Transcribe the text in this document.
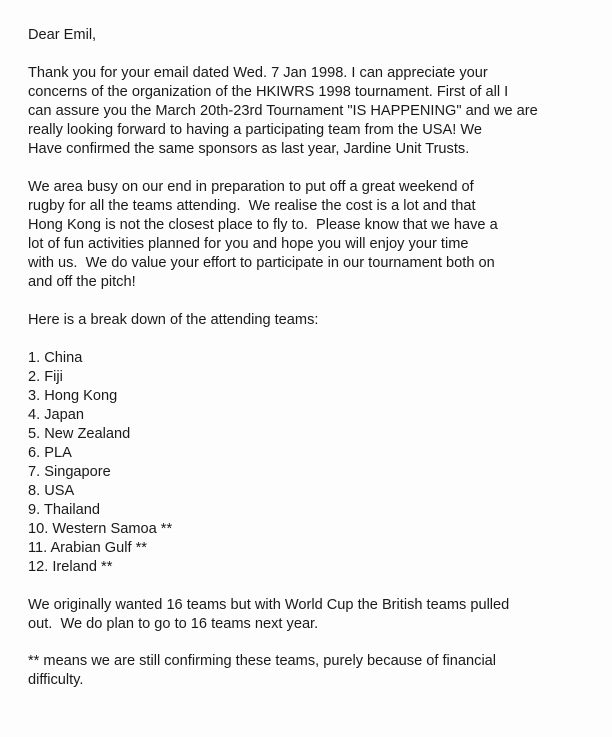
Dear Emil,
Thank you for your email dated Wed. 7 Jan 1998. I can appreciate your
concerns of the organization of the HKIWRS 1998 tournament. First of all I
can assure you the March 20th-23rd Tournament "IS HAPPENING" and we are
really looking forward to having a participating team from the USA! We
Have confirmed the same sponsors as last year, Jardine Unit Trusts.
We area busy on our end in preparation to put off a great weekend of
rugby for all the teams attending.  We realise the cost is a lot and that
Hong Kong is not the closest place to fly to.  Please know that we have a
lot of fun activities planned for you and hope you will enjoy your time
with us.  We do value your effort to participate in our tournament both on
and off the pitch!
Here is a break down of the attending teams:
1. China
2. Fiji
3. Hong Kong
4. Japan
5. New Zealand
6. PLA
7. Singapore
8. USA
9. Thailand
10. Western Samoa **
11. Arabian Gulf **
12. Ireland **
We originally wanted 16 teams but with World Cup the British teams pulled
out.  We do plan to go to 16 teams next year.
** means we are still confirming these teams, purely because of financial
difficulty.
